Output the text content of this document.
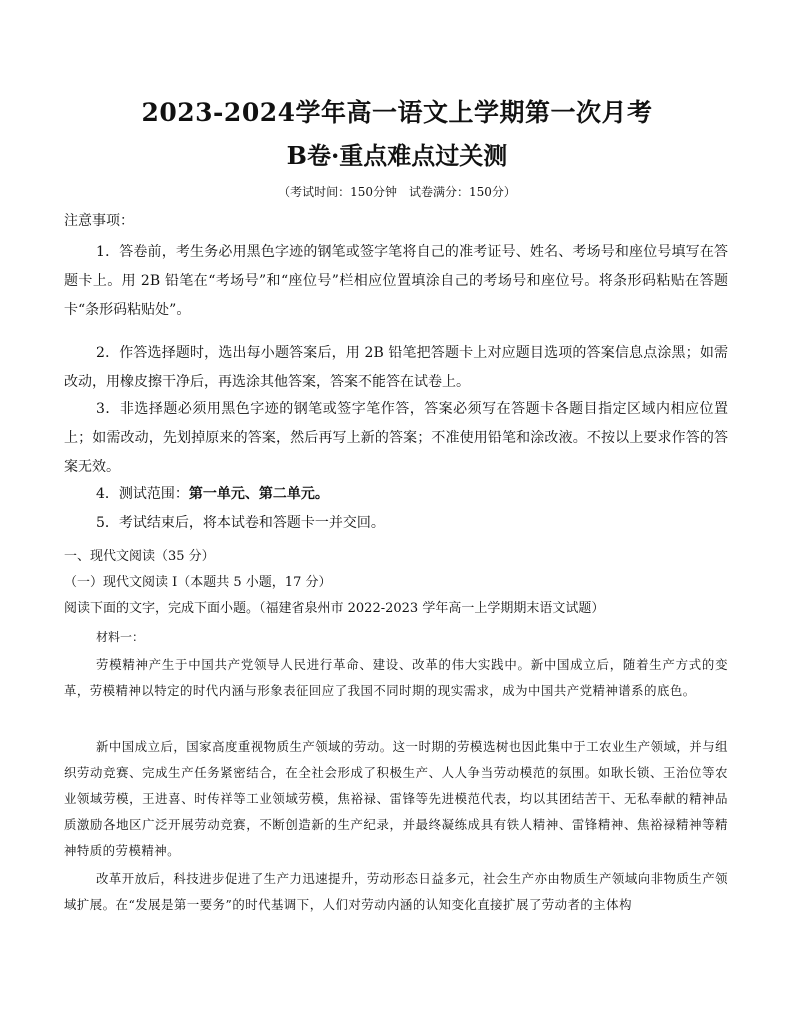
2023-2024学年高一语文上学期第一次月考
B卷·重点难点过关测
（考试时间：150分钟　试卷满分：150分）
注意事项：
1．答卷前，考生务必用黑色字迹的钢笔或签字笔将自己的准考证号、姓名、考场号和座位号填写在答题卡上。用 2B 铅笔在“考场号”和“座位号”栏相应位置填涂自己的考场号和座位号。将条形码粘贴在答题卡“条形码粘贴处”。
2．作答选择题时，选出每小题答案后，用 2B 铅笔把答题卡上对应题目选项的答案信息点涂黑；如需改动，用橡皮擦干净后，再选涂其他答案，答案不能答在试卷上。
3．非选择题必须用黑色字迹的钢笔或签字笔作答，答案必须写在答题卡各题目指定区域内相应位置上；如需改动，先划掉原来的答案，然后再写上新的答案；不准使用铅笔和涂改液。不按以上要求作答的答案无效。
4．测试范围：第一单元、第二单元。
5．考试结束后，将本试卷和答题卡一并交回。
一、现代文阅读（35 分）
（一）现代文阅读 I（本题共 5 小题，17 分）
阅读下面的文字，完成下面小题。（福建省泉州市 2022-2023 学年高一上学期期末语文试题）
材料一：
劳模精神产生于中国共产党领导人民进行革命、建设、改革的伟大实践中。新中国成立后，随着生产方式的变革，劳模精神以特定的时代内涵与形象表征回应了我国不同时期的现实需求，成为中国共产党精神谱系的底色。
新中国成立后，国家高度重视物质生产领域的劳动。这一时期的劳模选树也因此集中于工农业生产领域，并与组织劳动竞赛、完成生产任务紧密结合，在全社会形成了积极生产、人人争当劳动模范的氛围。如耿长锁、王治位等农业领域劳模，王进喜、时传祥等工业领域劳模，焦裕禄、雷锋等先进模范代表，均以其团结苦干、无私奉献的精神品质激励各地区广泛开展劳动竞赛，不断创造新的生产纪录，并最终凝练成具有铁人精神、雷锋精神、焦裕禄精神等精神特质的劳模精神。
改革开放后，科技进步促进了生产力迅速提升，劳动形态日益多元，社会生产亦由物质生产领域向非物质生产领域扩展。在“发展是第一要务”的时代基调下，人们对劳动内涵的认知变化直接扩展了劳动者的主体构
